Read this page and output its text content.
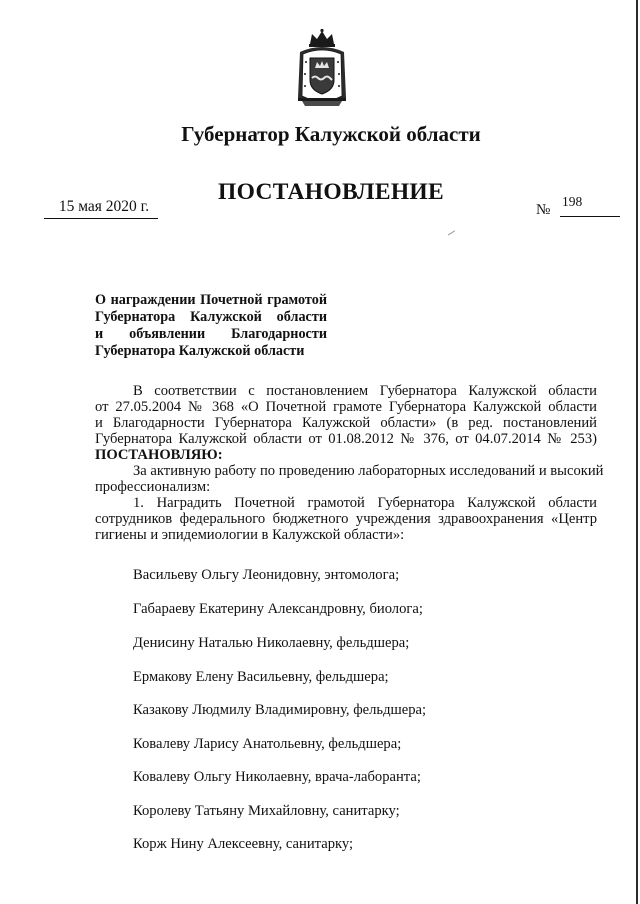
Губернатор Калужской области
ПОСТАНОВЛЕНИЕ
15 мая 2020 г.	№
198
О награждении Почетной грамотой
Губернатора Калужской области
и объявлении Благодарности
Губернатора Калужской области
В соответствии с постановлением Губернатора Калужской области
от 27.05.2004 № 368 «О Почетной грамоте Губернатора Калужской области
и Благодарности Губернатора Калужской области» (в ред. постановлений
Губернатора Калужской области от 01.08.2012 № 376, от 04.07.2014 № 253)
ПОСТАНОВЛЯЮ:
За активную работу по проведению лабораторных исследований и высокий
профессионализм:
1. Наградить Почетной грамотой Губернатора Калужской области
сотрудников федерального бюджетного учреждения здравоохранения «Центр
гигиены и эпидемиологии в Калужской области»:
Васильеву Ольгу Леонидовну, энтомолога;
Габараеву Екатерину Александровну, биолога;
Денисину Наталью Николаевну, фельдшера;
Ермакову Елену Васильевну, фельдшера;
Казакову Людмилу Владимировну, фельдшера;
Ковалеву Ларису Анатольевну, фельдшера;
Ковалеву Ольгу Николаевну, врача-лаборанта;
Королеву Татьяну Михайловну, санитарку;
Корж Нину Алексеевну, санитарку;
